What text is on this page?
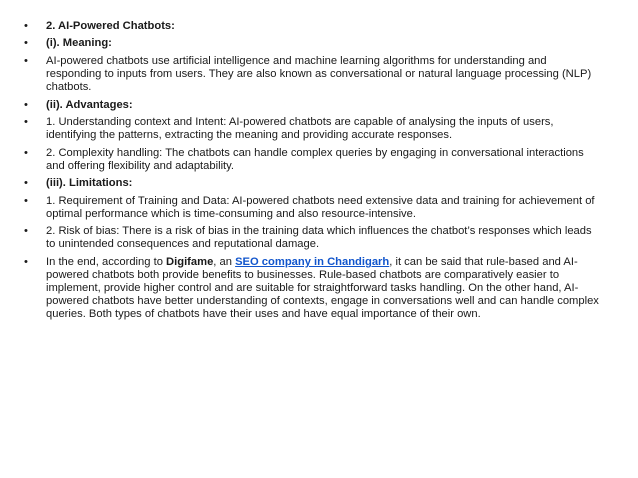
•	2. AI-Powered Chatbots:
•	(i). Meaning:
•	AI-powered chatbots use artificial intelligence and machine learning algorithms for understanding and responding to inputs from users. They are also known as conversational or natural language processing (NLP) chatbots.
•	(ii). Advantages:
•	1. Understanding context and Intent: AI-powered chatbots are capable of analysing the inputs of users, identifying the patterns, extracting the meaning and providing accurate responses.
•	2. Complexity handling: The chatbots can handle complex queries by engaging in conversational interactions and offering flexibility and adaptability.
•	(iii). Limitations:
•	1. Requirement of Training and Data: AI-powered chatbots need extensive data and training for achievement of optimal performance which is time-consuming and also resource-intensive.
•	2. Risk of bias: There is a risk of bias in the training data which influences the chatbot’s responses which leads to unintended consequences and reputational damage.
•	In the end, according to Digifame, an SEO company in Chandigarh, it can be said that rule-based and AI-powered chatbots both provide benefits to businesses. Rule-based chatbots are comparatively easier to implement, provide higher control and are suitable for straightforward tasks handling. On the other hand, AI-powered chatbots have better understanding of contexts, engage in conversations well and can handle complex queries. Both types of chatbots have their uses and have equal importance of their own.
